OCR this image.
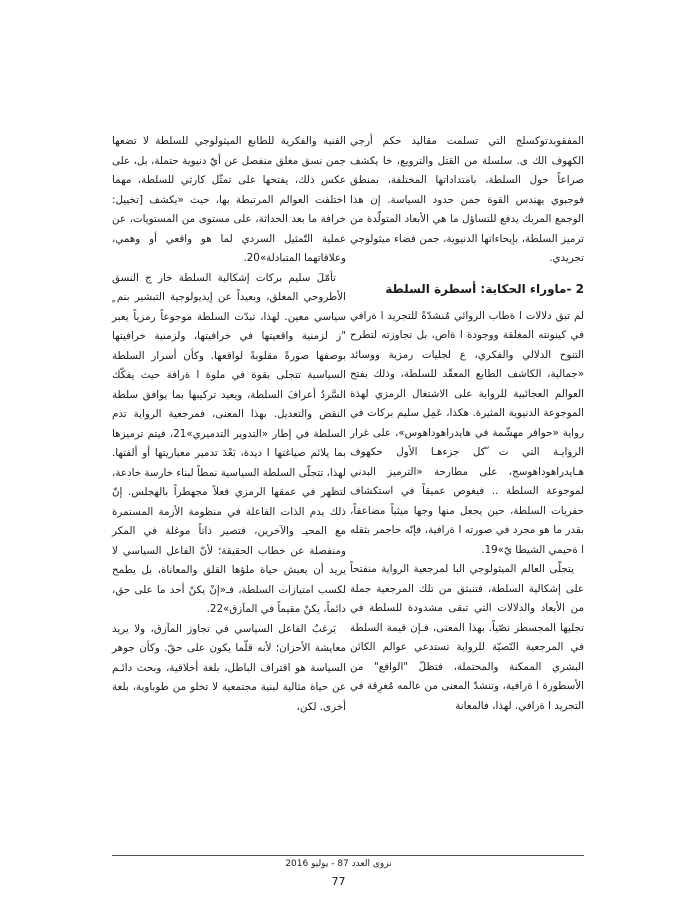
المفقوبدتوكسلج التي تسلمت مقاليد حكم أرجي الكهوف الك ى. سلسلة من القتل والترويع، خا يكشف صراعاً حول السلطة، بامتداداتها المختلفة، بمنطق فوجبوي يهندس القوة جمن حدود السياسة. إن هذا الوجمع المربك يدفع للتساؤل ما هي الأبعاد المتولّدة من ترميز السلطة، بإيحاءاتها الدنيوية، جمن فضاء ميثولوجي تجريدي.

2 -ماوراء الحكاية: أسطرة السلطة

لم تبق دلالات ا ةطاب الروائي مُنشدّةً للتجريد ا ةرافي في كينونته المغلقة ووجودة ا ةاص، بل تجاوزته لتطرح التنوح الدلالي والفكري، ع لجليات رمزية ووسائد «جمالية، الكاشف الطابع المعقّد للسلطة، وذلك بفتح العوالم العجائبية للرواية على الاشتغال الرمزي لهذة الموجوعة الدنيوية المثيرة. هكذا، عَمِل سليم بركات في رواية «حوافر مهشّمة في هايدراهوداهوس»، على غرار الروايـة التي ت ّكل جزءهـا الأول حكهوف هـايدراهوداهوسج، على مطارحة «الترميز البدني لموجوعة السلطة .. فيغوص عميقاً في استكشاف حفريات السلطة، حين يجعل منها وجها ميثياً مضاعفاً، بقدر ما هو مجرد في صورته ا ةرافية، فإنّه حاجمر بثقله ا ةحيمي الشيطا يّ»19.

يتجلّى العالم الميثولوجي البا لمرجعية الرواية منفتحاً على إشكالية السلطة، فتنبثق من تلك المرجعية جملة من الأبعاد والدلالات التي تبقى مشدودة للسلطة في تجليها المجسطر نصّياً. بهذا المعنى، فـإن قيمة السلطة في المرجعية النّصيّة للرواية تستدعي عوالم الكائن البشري الممكنة والمحتملة، فتظلّ "الواقع" من الأسطورة ا ةرافية، وتنشدّ المعنى من عالمه مُغرِقة في التجريد ا ةرافي. لهذا، فالمعانة

الفنية والفكرية للطابع الميثولوجي للسلطة لا تضعها جمن نسق مغلق منفصل عن أيّ دنيوية حتملة، بل، على عكس ذلك، يفتحها على تمثّل كارثي للسلطة، مهما اختلفت العوالم المرتبطة بها، حيث «يكشف [تخييل: خرافة ما بعد الحداثة، على مستوى من المستويات، عن عملية التّمثيل السردي لما هو واقعي أو وهمي، وعلاقاتهما المتبادلة»20.

تأمّلَ سليم بركات إشكالية السلطة خار ج النسق الأطروحي المغلق، وبعيداً عن إيديولوجية التبشير بنم ٍ سياسي معين. لهذا، تبدّت السلطة موجوعاً رمزياً يعبر "ز لزمنية واقعيتها في خرافيتها، ولزمنية خرافيتها بوصفها صورةً مقلوبةً لواقعها. وكأن أسرار السلطة السياسية تتجلى بقوة في ملوة ا ةرافة حيث يفكّك السَّردُ أعرافَ السلطة، ويعيد تركيبها بما يوافق سلطة النقض والتعديل. بهذا المعنى، فمرجعية الرواية تدم السلطة في إطار «التدوير التدميري»21، فيتم ترميزها بما يلائم صياغتها ا ديدة، بَعْدَ تدمير معياريتها أو ألفتها. لهذا، تتجلّى السلطة السياسية نمطاً لبناء خارسة خادعة، لتظهر في عمقها الرمزي فعلاً مجهطراً بالهجلس. إنّ ذلك يدم الذات الفاعلة في منظومة الأزمة المستمرة مع المحيـ والآخرين، فتصير ذاتاً موغلة في المكر ومنفصلة عن خطاب الحقيقة؛ لأنّ الفاعل السياسي لا يريد أن يعيش حياة ملؤها القلق والمعاناة، بل يطمح لكسب امتيازات السلطة، فـ«إنْ يكنْ أحد ما على حق، دائماً، يكنْ مقيماً في المآزق»22.

يَرغبُ الفاعل السياسي في تجاوز المآزق، ولا يريد معايشة الأحزان؛ لأنه قلّما يكون على حقّ. وكأن جوهر السياسة هو اقتراف الباطل، بلغة أخلاقية، وبحث دائـم عن حياة مثالية لبنية مجتمعية لا تخلو من طوباوية، بلغة أخرى. لكن،

نزوى العدد 87 - يوليو 2016
77
